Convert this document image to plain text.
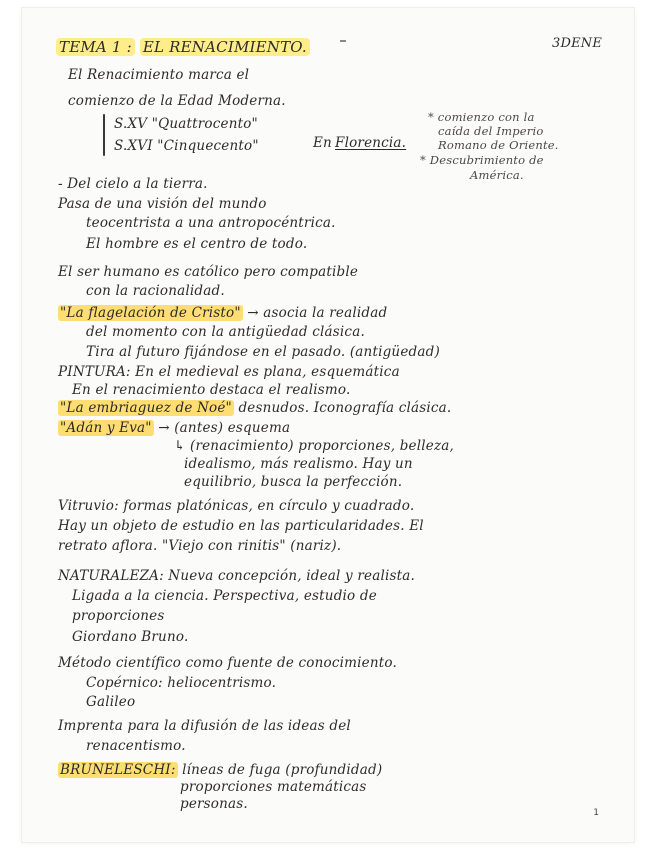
TEMA 1 : EL RENACIMIENTO.	3DENE
El Renacimiento marca el
comienzo de la Edad Moderna.
S.XV "Quattrocento"
S.XVI "Cinquecento"	En Florencia.
* comienzo con la
caída del Imperio
Romano de Oriente.
* Descubrimiento de
América.
- Del cielo a la tierra.
Pasa de una visión del mundo
teocentrista a una antropocéntrica.
El hombre es el centro de todo.
El ser humano es católico pero compatible
con la racionalidad.
"La flagelación de Cristo" → asocia la realidad
del momento con la antigüedad clásica.
Tira al futuro fijándose en el pasado. (antigüedad)
PINTURA: En el medieval es plana, esquemática
En el renacimiento destaca el realismo.
"La embriaguez de Noé" desnudos. Iconografía clásica.
"Adán y Eva" → (antes) esquema
↳ (renacimiento) proporciones, belleza,
idealismo, más realismo. Hay un
equilibrio, busca la perfección.
Vitruvio: formas platónicas, en círculo y cuadrado.
Hay un objeto de estudio en las particularidades. El
retrato aflora. "Viejo con rinitis" (nariz).
NATURALEZA: Nueva concepción, ideal y realista.
Ligada a la ciencia. Perspectiva, estudio de
proporciones
Giordano Bruno.
Método científico como fuente de conocimiento.
Copérnico: heliocentrismo.
Galileo
Imprenta para la difusión de las ideas del
renacentismo.
BRUNELESCHI: líneas de fuga (profundidad)
proporciones matemáticas
personas.
1
